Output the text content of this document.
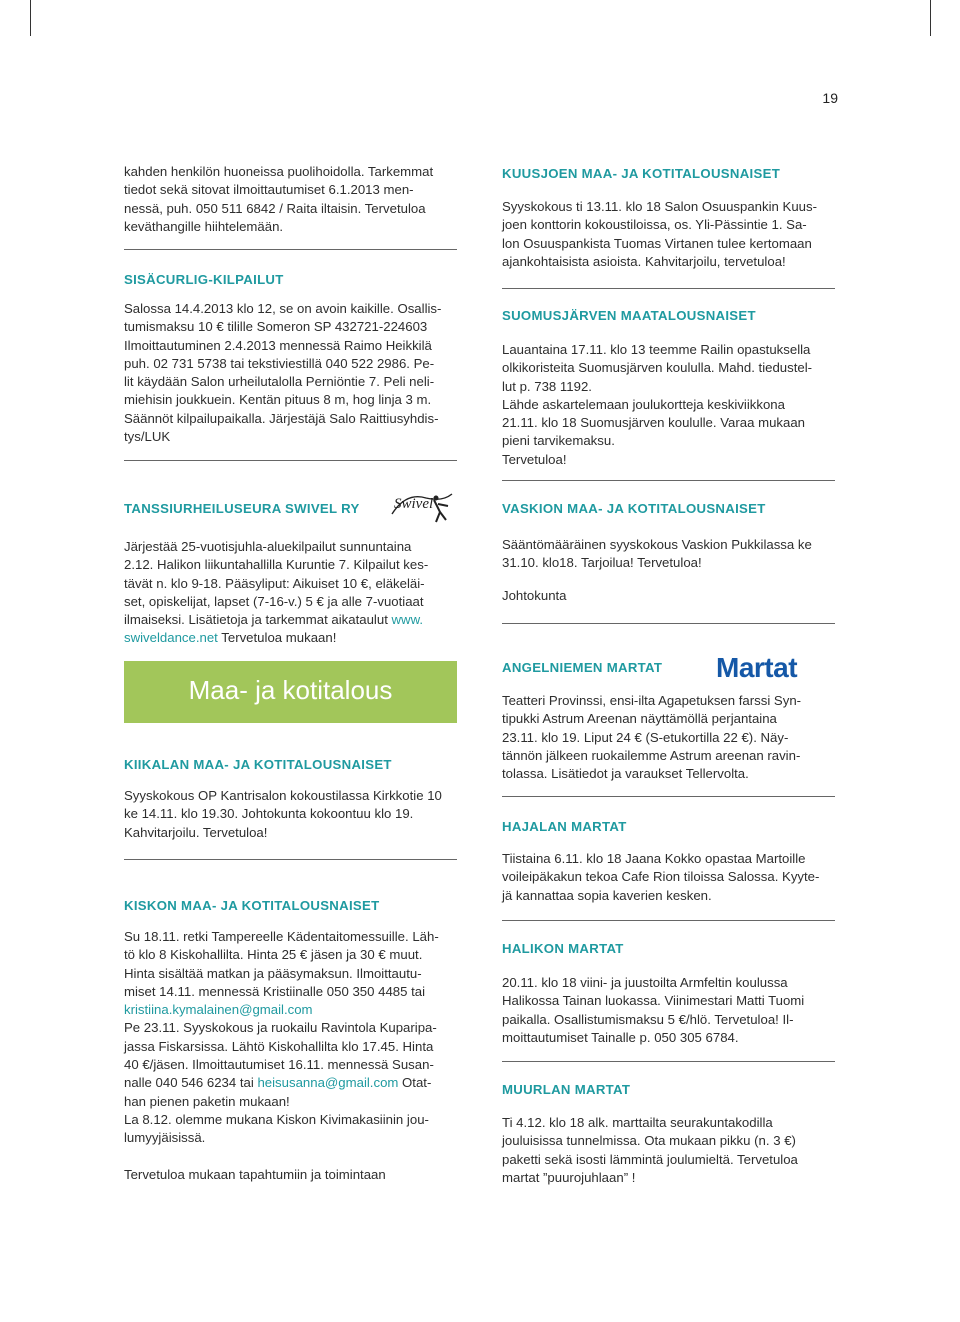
19

kahden henkilön huoneissa puolihoidolla. Tarkemmat
tiedot sekä sitovat ilmoittautumiset 6.1.2013 men-
nessä, puh. 050 511 6842 / Raita iltaisin. Tervetuloa
keväthangille hiihtelemään.

SISÄCURLIG-KILPAILUT

Salossa 14.4.2013 klo 12, se on avoin kaikille. Osallis-
tumismaksu 10 € tilille Someron SP 432721-224603
Ilmoittautuminen 2.4.2013 mennessä Raimo Heikkilä
puh. 02 731 5738 tai tekstiviestillä 040 522 2986. Pe-
lit käydään Salon urheilutalolla Perniöntie 7. Peli neli-
miehisin joukkuein. Kentän pituus 8 m, hog linja 3 m.
Säännöt kilpailupaikalla. Järjestäjä Salo Raittiusyhdis-
tys/LUK

TANSSIURHEILUSEURA SWIVEL RY	Swivel

Järjestää 25-vuotisjuhla-aluekilpailut sunnuntaina
2.12. Halikon liikuntahallilla Kuruntie 7. Kilpailut kes-
tävät n. klo 9-18. Pääsyliput: Aikuiset 10 €, eläkeläi-
set, opiskelijat, lapset (7-16-v.) 5 € ja alle 7-vuotiaat
ilmaiseksi. Lisätietoja ja tarkemmat aikataulut www.
swiveldance.net Tervetuloa mukaan!

Maa- ja kotitalous

KIIKALAN MAA- JA KOTITALOUSNAISET

Syyskokous OP Kantrisalon kokoustilassa Kirkkotie 10
ke 14.11. klo 19.30. Johtokunta kokoontuu klo 19.
Kahvitarjoilu. Tervetuloa!

KISKON MAA- JA KOTITALOUSNAISET

Su 18.11. retki Tampereelle Kädentaitomessuille. Läh-
tö klo 8 Kiskohallilta. Hinta 25 € jäsen ja 30 € muut.
Hinta sisältää matkan ja pääsymaksun. Ilmoittautu-
miset 14.11. mennessä Kristiinalle 050 350 4485 tai
kristiina.kymalainen@gmail.com
Pe 23.11. Syyskokous ja ruokailu Ravintola Kuparipa-
jassa Fiskarsissa. Lähtö Kiskohallilta klo 17.45. Hinta
40 €/jäsen. Ilmoittautumiset 16.11. mennessä Susan-
nalle 040 546 6234 tai heisusanna@gmail.com Otat-
han pienen paketin mukaan!
La 8.12. olemme mukana Kiskon Kivimakasiinin jou-
lumyyjäisissä.

Tervetuloa mukaan tapahtumiin ja toimintaan

KUUSJOEN MAA- JA KOTITALOUSNAISET

Syyskokous ti 13.11. klo 18 Salon Osuuspankin Kuus-
joen konttorin kokoustiloissa, os. Yli-Pässintie 1. Sa-
lon Osuuspankista Tuomas Virtanen tulee kertomaan
ajankohtaisista asioista. Kahvitarjoilu, tervetuloa!

SUOMUSJÄRVEN MAATALOUSNAISET

Lauantaina 17.11. klo 13 teemme Railin opastuksella
olkikoristeita Suomusjärven koululla. Mahd. tiedustel-
lut p. 738 1192.
Lähde askartelemaan joulukortteja keskiviikkona
21.11. klo 18 Suomusjärven koululle. Varaa mukaan
pieni tarvikemaksu.
Tervetuloa!

VASKION MAA- JA KOTITALOUSNAISET

Sääntömääräinen syyskokous Vaskion Pukkilassa ke
31.10. klo18. Tarjoilua! Tervetuloa!

Johtokunta

ANGELNIEMEN MARTAT	Martat

Teatteri Provinssi, ensi-ilta Agapetuksen farssi Syn-
tipukki Astrum Areenan näyttämöllä perjantaina
23.11. klo 19. Liput 24 € (S-etukortilla 22 €). Näy-
tännön jälkeen ruokailemme Astrum areenan ravin-
tolassa. Lisätiedot ja varaukset Tellervolta.

HAJALAN MARTAT

Tiistaina 6.11. klo 18 Jaana Kokko opastaa Martoille
voileipäkakun tekoa Cafe Rion tiloissa Salossa. Kyyte-
jä kannattaa sopia kaverien kesken.

HALIKON MARTAT

20.11. klo 18 viini- ja juustoilta Armfeltin koulussa
Halikossa Tainan luokassa. Viinimestari Matti Tuomi
paikalla. Osallistumismaksu 5 €/hlö. Tervetuloa! Il-
moittautumiset Tainalle p. 050 305 6784.

MUURLAN MARTAT

Ti 4.12. klo 18 alk. marttailta seurakuntakodilla
jouluisissa tunnelmissa. Ota mukaan pikku (n. 3 €)
paketti sekä isosti lämmintä joulumieltä. Tervetuloa
martat ”puurojuhlaan” !
